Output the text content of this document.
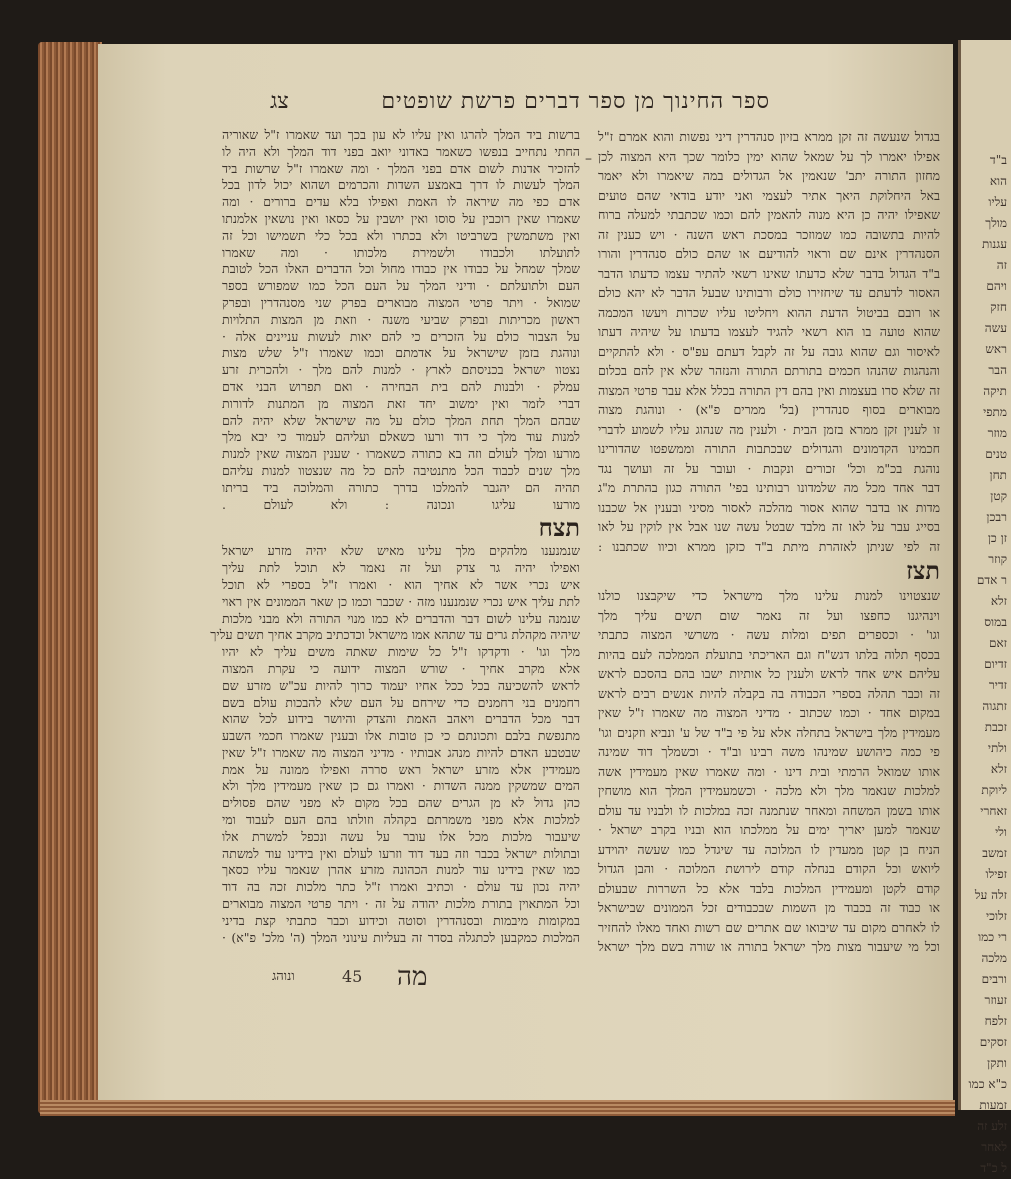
ב"ד
הוא
עליו
מולך
עגנות
זה
ויהם
חזק
עשה
ראש
הבר
תיקה
מתפי
מוזר
טנים
תחן
קטן
רבכן
זן כן
קוזר
ר אדם
זלא
במוס
זאם
זדיום
זדיר
זתגוה
זכבת
ולתי
זלא
ליוקת
זאחרי
ולי
זמשב
זפילו
זלה על
זלוכי
רי כמו
מלכה
ורבים
זעוזר
זלפח
זסקים
ותקן
כ"א כמו
זמעות
זלע זה
לאחר
ל כ"ד
ספר החינוך מן ספר דברים פרשת שופטים
צג
בגדול שנעשה זה זקן ממרא בזיון סנהדרין דיני נפשות והוא אמרם ז"ל
אפילו יאמרו לך על שמאל שהוא ימין כלומר שכך היא המצוה לכן
מחזון התורה יתב' שנאמין אל הגדולים במה שיאמרו ולא יאמר
באל היחלוקת היאך אתיר לעצמי ואני יודע בודאי שהם טועים
שאפילו יהיה כן היא מנוה להאמין להם וכמו שכתבתי למעלה ברוח
להיות בתשובה כמו שמוזכר במסכת ראש השנה · ויש כענין זה
הסנהדרין אינם שם וראוי להודיעם או שהם כולם סנהדרין והורו
ב"ד הגדול בדבר שלא כדעתו שאינו רשאי להתיר עצמו כדעתו הדבר
האסור לדעתם עד שיחזירו כולם ורבותינו שבעל הדבר לא יהא כולם
או רובם בביטול הדעת ההוא ויחליטו עליו שכרות ויעשו המכמה
שהוא טועה בו הוא רשאי להגיד לעצמו בדעתו על שיהיה דעתו
לאיסור וגם שהוא גובה על זה לקבל דעתם עפ"ס · ולא להתקיים
והנהגות שהנהו חכמים בתורתם התורה והנזהר שלא אין להם בכלום
זה שלא סרו בעצמות ואין בהם דין התורה בכלל אלא עבר פרטי המצוה
מבוארים בסוף סנהדרין (בל' ממרים פ"א) · ונוהגת מצוה
זו לענין זקן ממרא בזמן הבית · ולענין מה שנהוג עליו לשמוע לדברי
חכמינו הקדמונים והגדולים שבכתבות התורה וממשפטו שהדורינו
נוהגת בכ"מ וכל' זכורים ונקבות · ועובר על זה ועושך נגד
דבר אחד מכל מה שלמדונו רבותינו בפי' התורה כגון בהתרת מ"ג
מדות או בדבר שהוא אסור מהלכה לאסור מסיני ובענין אל שכבנו
בסייג עבר על לאו זה מלבד שבטל עשה שנו אבל אין לוקין על לאו
זה לפי שניתן לאזהרת מיתת ב"ד כזקן ממרא וכיוו שכתבנו :
תצז
שנצטוינו למנות עלינו מלך מישראל כדי שיקבצנו כולנו
וינהיגנו כחפצו ועל זה נאמר שום תשים עליך מלך
וגו' · וכספרים תפים ומלות עשה · משרשי המצוה כתבתי
בכסף תלוה בלתו דגש"ח וגם האריכתי בתועלת הממלכה לעם בהיות
עליהם איש אחד לראש ולענין כל אותיות ישבו בהם בהסכם לראש
זה וכבר תהלה בספרי הכבודה בה בקבלה להיות אנשים רבים לראש
במקום אחד · וכמו שכתוב · מדיני המצוה מה שאמרו ז"ל שאין
מעמידין מלך בישראל בתחלה אלא על פי ב"ד של ע' ונביא וזקנים וגו'
פי כמה כיהושע שמינהו משה רבינו וב"ד · וכשמלך דוד שמינה
אותו שמואל הרמתי ובית דינו · ומה שאמרו שאין מעמידין אשה
למלכות שנאמר מלך ולא מלכה · וכשמעמידין המלך הוא מושחין
אותו בשמן המשחה ומאחר שנתמנה זכה במלכות לו ולבניו עד עולם
שנאמר למען יאריך ימים על ממלכתו הוא ובניו בקרב ישראל ·
הניח בן קטן ממעדין לו המלוכה עד שיגדל כמו שעשה יהוידע
ליואש וכל הקודם בנחלה קודם לירושת המלוכה · והבן הגדול
קודם לקטן ומעמידין המלכות בלבד אלא כל השררות שבעולם
או כבוד זה בכבוד מן השמות שבכבודים זכל הממונים שבישראל
לו לאחרם מקום עד שיבואו שם אתרים שם רשות ואחד מאלו להחזיר
וכל מי שיעבור מצות מלך ישראל בתורה או שורה בשם מלך ישראל
ברשות ביד המלך להרגו ואין עליו לא עון בכך ועד שאמרו ז"ל שאוריה
החתי נתחייב בנפשו כשאמר באדוני יואב בפני דוד המלך ולא היה לו
להזכיר אדנות לשום אדם בפני המלך · ומה שאמרו ז"ל שרשות ביד
המלך לעשות לו דרך באמצע השדות והכרמים ושהוא יכול לדון בכל
אדם כפי מה שיראה לו האמת ואפילו בלא עדים ברורים · ומה
שאמרו שאין רוכבין על סוסו ואין יושבין על כסאו ואין נושאין אלמנתו
ואין משתמשין בשרביטו ולא בכתרו ולא בכל כלי תשמישו וכל זה
לתועלתו ולכבודו ולשמירת מלכותו · ומה שאמרו
שמלך שמחל על כבודו אין כבודו מחול וכל הדברים האלו הכל לטובת
העם ולתועלתם · ודיני המלך על העם הכל כמו שמפורש בספר
שמואל · ויתר פרטי המצוה מבוארים בפרק שני מסנהדרין ובפרק
ראשון מכריתות ובפרק שביעי משנה · וזאת מן המצות התלויות
על הצבור כולם על הזכרים כי להם יאות לעשות עניינים אלה ·
ונוהגת בזמן שישראל על אדמתם וכמו שאמרו ז"ל שלש מצות
נצטוו ישראל בכניסתם לארץ · למנות להם מלך · ולהכרית זרע
עמלק · ולבנות להם בית הבחירה · ואם תפרוש הבני אדם
דברי לזמר ואין ימשוב יחד זאת המצוה מן המתנות לדורות
שבהם המלך תחת המלך כולם על מה שישראל שלא יהיה להם
למנות עוד מלך כי דוד ורעו כשאלם ועליהם לעמוד כי יבא מלך
מורעו ומלך לעולם וזה בא כתורה כשאמרו · שענין המצוה שאין למנות
מלך שנים לכבוד הכל מתנטיבה להם כל מה שנצטוו למנות עליהם
תהיה הם יהגבר להמלכו בדרך כתורה והמלוכה ביד בריתו
מורעו עליגו ונכונה : ולא לעולם .
תצח
שנמנענו מלהקים מלך עלינו מאיש שלא יהיה מזרע ישראל
ואפילו יהיה גר צדק ועל זה נאמר לא תוכל לתת עליך
איש נכרי אשר לא אחיך הוא · ואמרו ז"ל בספרי לא תוכל
לתת עליך איש נכרי שנמנענו מזה · שכבר וכמו כן שאר הממונים אין ראוי
שנמנה עלינו לשום דבר והדברים לא כמו מנוי התורה ולא מבני מלכות
שיהיה מקהלת גרים עד שתהא אמו מישראל וכדכתיב מקרב אחיך תשים עליך
מלך וגו' · ודקדקו ז"ל כל שימות שאתה משים עליך לא יהיו
אלא מקרב אחיך · שורש המצוה ידועה כי עקרת המצוה
לראש להשכיעה בכל ככל אחיו יעמוד כרוך להיות עכ"ש מזרע שם
רחמנים בני רחמנים כדי שירחם על העם שלא להבכות עולם בשם
דבר מכל הדברים ויאהב האמת והצדק והיושר בידוע לכל שהוא
מתנפשת בלבם ותכונתם כי כן טובות אלו ובענין שאמרו חכמי השבע
שבטבע האדם להיות מנהג אבותיו · מדיני המצוה מה שאמרו ז"ל שאין
מעמידין אלא מזרע ישראל ראש סררה ואפילו ממונה על אמת
המים שמשקין ממנה השדות · ואמרו גם כן שאין מעמידין מלך ולא
כהן גדול לא מן הגרים שהם בכל מקום לא מפני שהם פסולים
למלכות אלא מפני משמרתם בקהלה וזולתו בהם העם לעבוד ומי
שיעבור מלכות מכל אלו עובר על עשה ונכפל למשרת אלו
ובתולות ישראל בכבר וזה בעד דוד וזרעו לעולם ואין בידינו עוד למשתה
כמו שאין בידינו עוד למנות הכהונה מזרע אהרן שנאמר עליו כסאך
יהיה נכון עד עולם · וכתיב ואמרו ז"ל כתר מלכות זכה בה דוד
וכל המתאוין בתורת מלכות יהודה על זה · ויתר פרטי המצוה מבוארים
במקומות מיבמות ובסנהדרין וסוטה וכידוע וכבר כתבתי קצת בדיני
המלכות כמקבען לכתגלה בסדר זה בעליות עינוני המלך (ה' מלכ' פ"א) ·
מה
45
ונוהג
–
